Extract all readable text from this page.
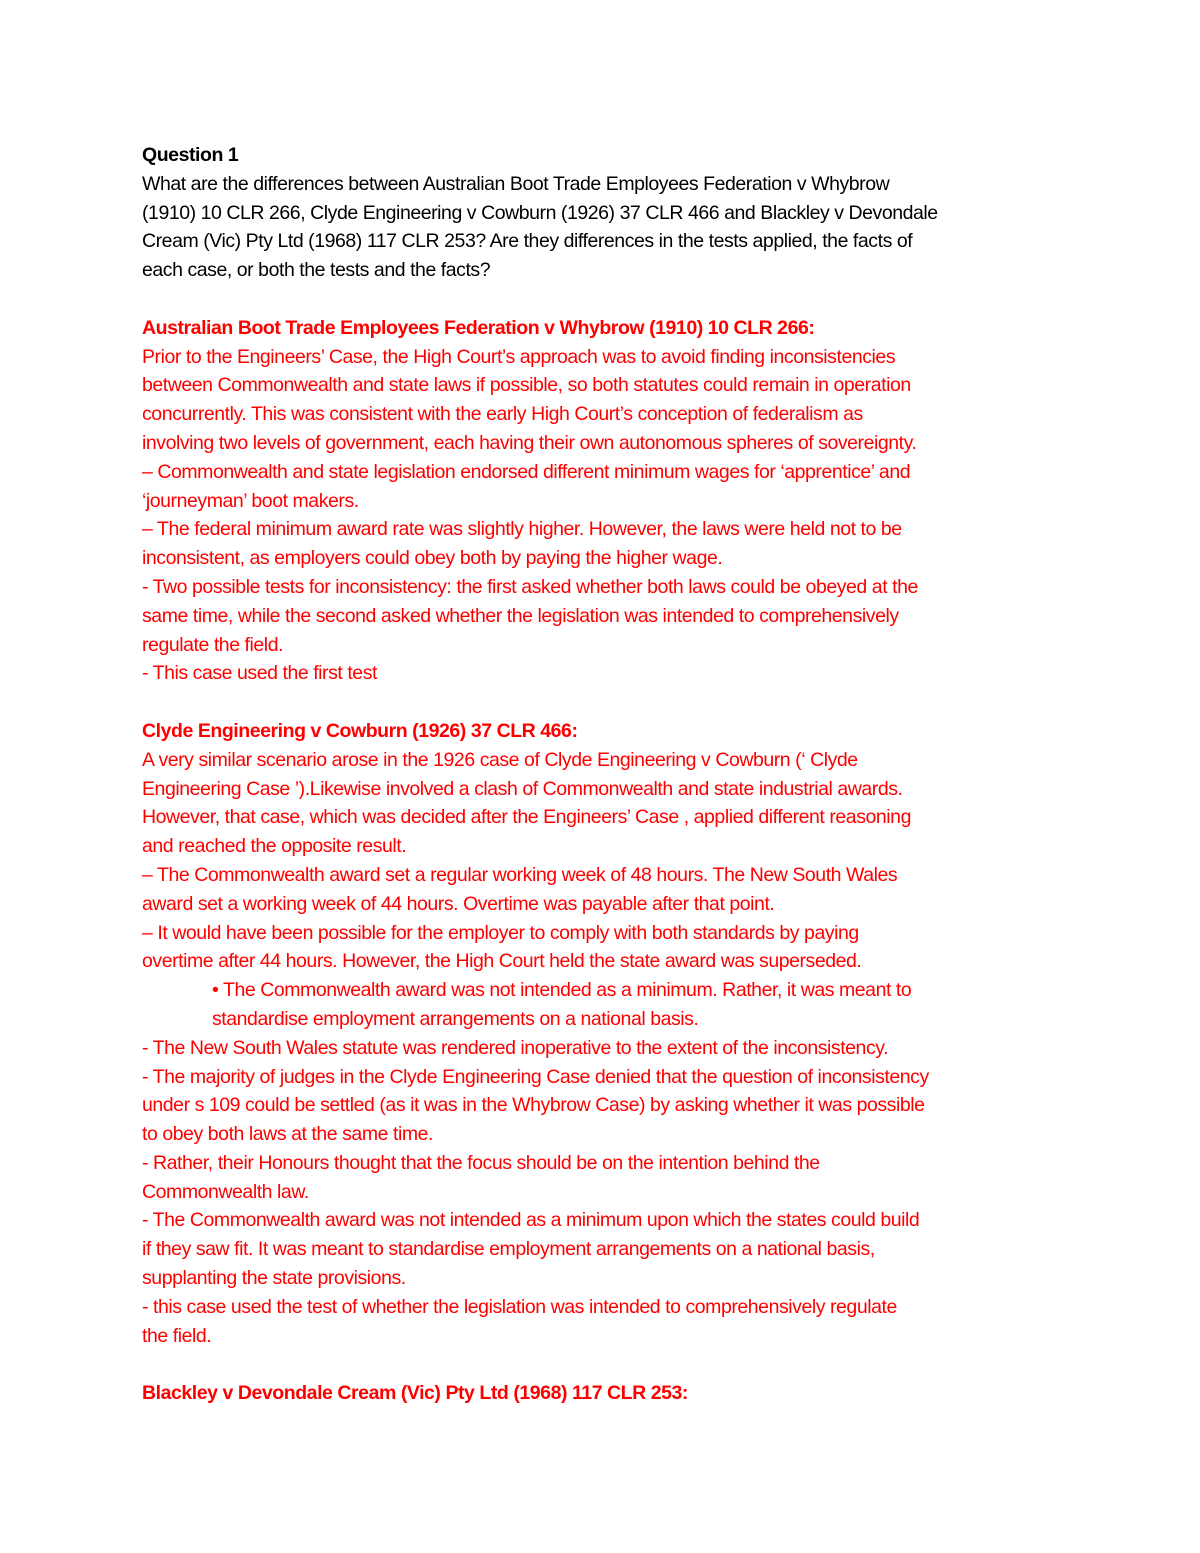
Question 1
What are the differences between Australian Boot Trade Employees Federation v Whybrow
(1910) 10 CLR 266, Clyde Engineering v Cowburn (1926) 37 CLR 466 and Blackley v Devondale
Cream (Vic) Pty Ltd (1968) 117 CLR 253? Are they differences in the tests applied, the facts of
each case, or both the tests and the facts?
Australian Boot Trade Employees Federation v Whybrow (1910) 10 CLR 266:
Prior to the Engineers’ Case, the High Court’s approach was to avoid finding inconsistencies
between Commonwealth and state laws if possible, so both statutes could remain in operation
concurrently. This was consistent with the early High Court’s conception of federalism as
involving two levels of government, each having their own autonomous spheres of sovereignty.
– Commonwealth and state legislation endorsed different minimum wages for ‘apprentice’ and
‘journeyman’ boot makers.
– The federal minimum award rate was slightly higher. However, the laws were held not to be
inconsistent, as employers could obey both by paying the higher wage.
- Two possible tests for inconsistency: the first asked whether both laws could be obeyed at the
same time, while the second asked whether the legislation was intended to comprehensively
regulate the field.
- This case used the first test
Clyde Engineering v Cowburn (1926) 37 CLR 466:
A very similar scenario arose in the 1926 case of Clyde Engineering v Cowburn (‘ Clyde
Engineering Case ’).Likewise involved a clash of Commonwealth and state industrial awards.
However, that case, which was decided after the Engineers’ Case , applied different reasoning
and reached the opposite result.
– The Commonwealth award set a regular working week of 48 hours. The New South Wales
award set a working week of 44 hours. Overtime was payable after that point.
– It would have been possible for the employer to comply with both standards by paying
overtime after 44 hours. However, the High Court held the state award was superseded.
• The Commonwealth award was not intended as a minimum. Rather, it was meant to
standardise employment arrangements on a national basis.
- The New South Wales statute was rendered inoperative to the extent of the inconsistency.
- The majority of judges in the Clyde Engineering Case denied that the question of inconsistency
under s 109 could be settled (as it was in the Whybrow Case) by asking whether it was possible
to obey both laws at the same time.
- Rather, their Honours thought that the focus should be on the intention behind the
Commonwealth law.
- The Commonwealth award was not intended as a minimum upon which the states could build
if they saw fit. It was meant to standardise employment arrangements on a national basis,
supplanting the state provisions.
- this case used the test of whether the legislation was intended to comprehensively regulate
the field.
Blackley v Devondale Cream (Vic) Pty Ltd (1968) 117 CLR 253:
